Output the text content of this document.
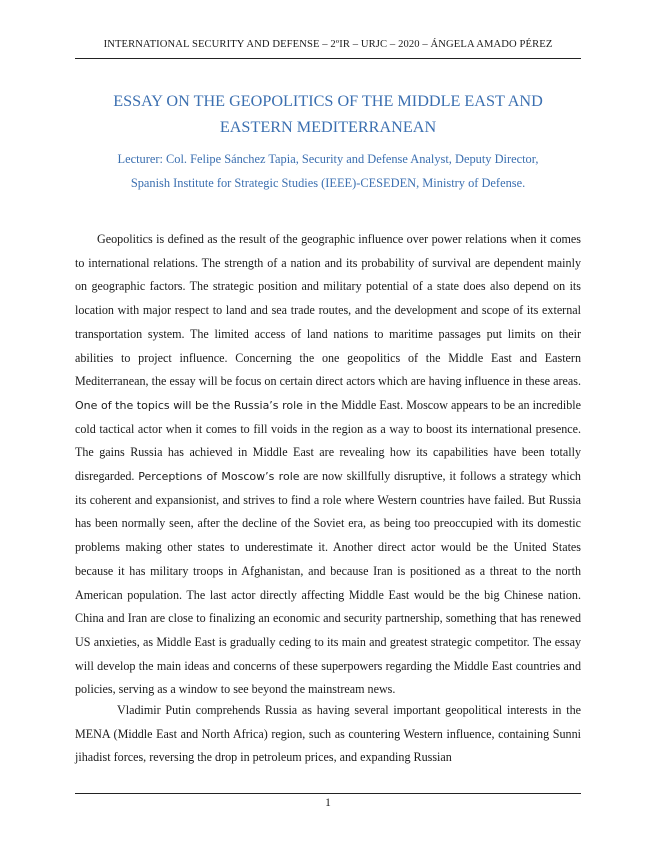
INTERNATIONAL SECURITY AND DEFENSE – 2ºIR – URJC – 2020 – ÁNGELA AMADO PÉREZ
ESSAY ON THE GEOPOLITICS OF THE MIDDLE EAST AND
EASTERN MEDITERRANEAN

Lecturer: Col. Felipe Sánchez Tapia, Security and Defense Analyst, Deputy Director,
Spanish Institute for Strategic Studies (IEEE)-CESEDEN, Ministry of Defense.

Geopolitics is defined as the result of the geographic influence over power relations when it comes to international relations. The strength of a nation and its probability of survival are dependent mainly on geographic factors. The strategic position and military potential of a state does also depend on its location with major respect to land and sea trade routes, and the development and scope of its external transportation system. The limited access of land nations to maritime passages put limits on their abilities to project influence. Concerning the one geopolitics of the Middle East and Eastern Mediterranean, the essay will be focus on certain direct actors which are having influence in these areas. One of the topics will be the Russia’s role in the Middle East. Moscow appears to be an incredible cold tactical actor when it comes to fill voids in the region as a way to boost its international presence. The gains Russia has achieved in Middle East are revealing how its capabilities have been totally disregarded. Perceptions of Moscow’s role are now skillfully disruptive, it follows a strategy which its coherent and expansionist, and strives to find a role where Western countries have failed. But Russia has been normally seen, after the decline of the Soviet era, as being too preoccupied with its domestic problems making other states to underestimate it. Another direct actor would be the United States because it has military troops in Afghanistan, and because Iran is positioned as a threat to the north American population. The last actor directly affecting Middle East would be the big Chinese nation. China and Iran are close to finalizing an economic and security partnership, something that has renewed US anxieties, as Middle East is gradually ceding to its main and greatest strategic competitor. The essay will develop the main ideas and concerns of these superpowers regarding the Middle East countries and policies, serving as a window to see beyond the mainstream news.

Vladimir Putin comprehends Russia as having several important geopolitical interests in the MENA (Middle East and North Africa) region, such as countering Western influence, containing Sunni jihadist forces, reversing the drop in petroleum prices, and expanding Russian

1
